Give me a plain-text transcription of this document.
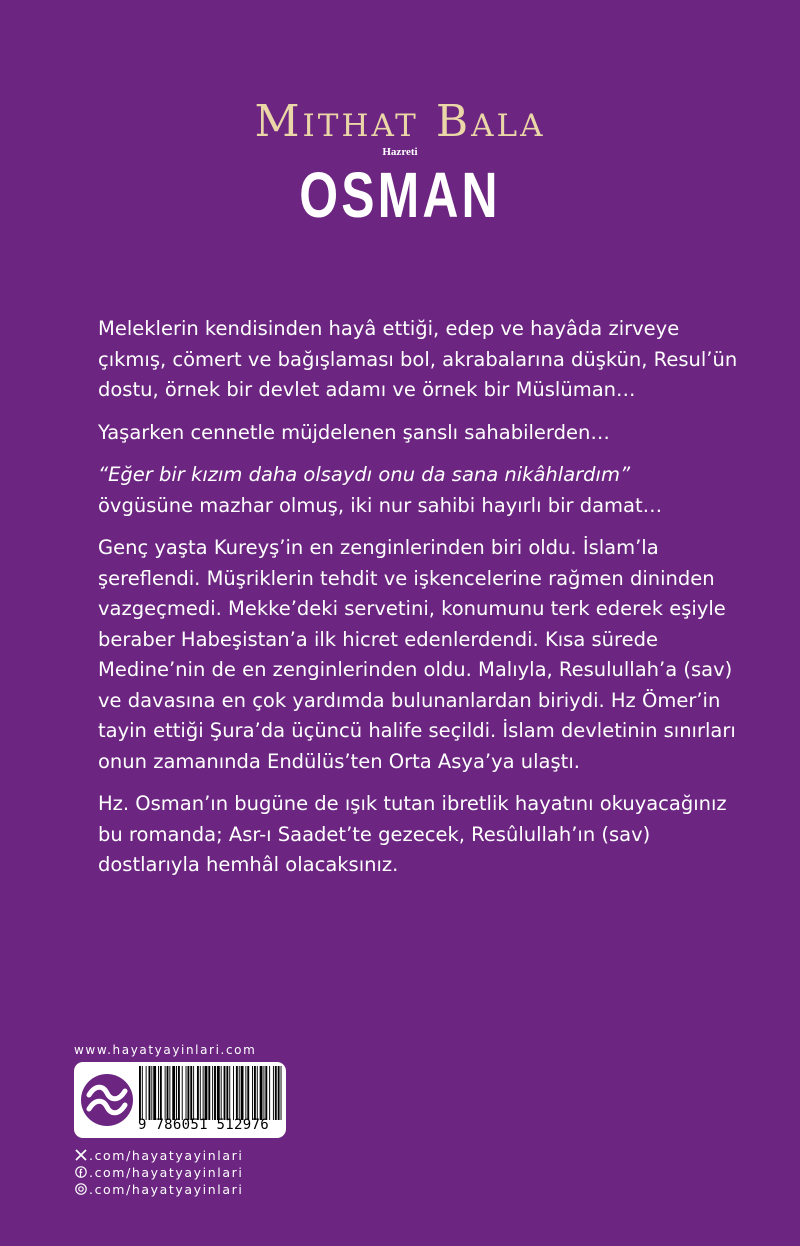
Mithat Bala
Hazreti
OSMAN

Meleklerin kendisinden hayâ ettiği, edep ve hayâda zirveye çıkmış, cömert ve bağışlaması bol, akrabalarına düşkün, Resul’ün dostu, örnek bir devlet adamı ve örnek bir Müslüman…

Yaşarken cennetle müjdelenen şanslı sahabilerden…

“Eğer bir kızım daha olsaydı onu da sana nikâhlardım”
övgüsüne mazhar olmuş, iki nur sahibi hayırlı bir damat…

Genç yaşta Kureyş’in en zenginlerinden biri oldu. İslam’la şereflendi. Müşriklerin tehdit ve işkencelerine rağmen dininden vazgeçmedi. Mekke’deki servetini, konumunu terk ederek eşiyle beraber Habeşistan’a ilk hicret edenlerdendi. Kısa sürede Medine’nin de en zenginlerinden oldu. Malıyla, Resulullah’a (sav) ve davasına en çok yardımda bulunanlardan biriydi. Hz Ömer’in tayin ettiği Şura’da üçüncü halife seçildi. İslam devletinin sınırları onun zamanında Endülüs’ten Orta Asya’ya ulaştı.

Hz. Osman’ın bugüne de ışık tutan ibretlik hayatını okuyacağınız bu romanda; Asr-ı Saadet’te gezecek, Resûlullah’ın (sav) dostlarıyla hemhâl olacaksınız.

www.hayatyayinlari.com
9 786051 512976
.com/hayatyayinlari
.com/hayatyayinlari
.com/hayatyayinlari
